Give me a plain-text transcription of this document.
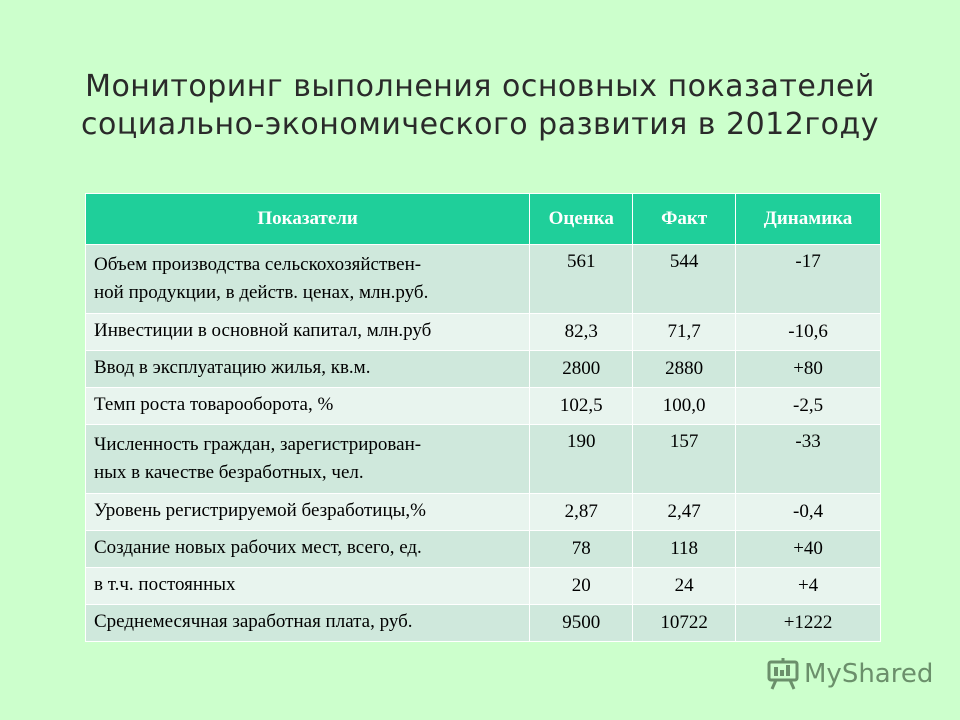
Мониторинг выполнения основных показателей
социально-экономического развития в 2012году
Показатели	Оценка	Факт	Динамика

Объем производства сельскохозяйствен-
ной продукции, в действ. ценах, млн.руб.	561	544	-17

Инвестиции в основной капитал, млн.руб	82,3	71,7	-10,6

Ввод в эксплуатацию жилья, кв.м.	2800	2880	+80

Темп роста товарооборота, %	102,5	100,0	-2,5

Численность граждан, зарегистрирован-
ных в качестве безработных, чел.	190	157	-33

Уровень регистрируемой безработицы,%	2,87	2,47	-0,4

Создание новых рабочих мест, всего, ед.	78	118	+40

в т.ч. постоянных	20	24	+4

Среднемесячная заработная плата, руб.	9500	10722	+1222
MyShared
